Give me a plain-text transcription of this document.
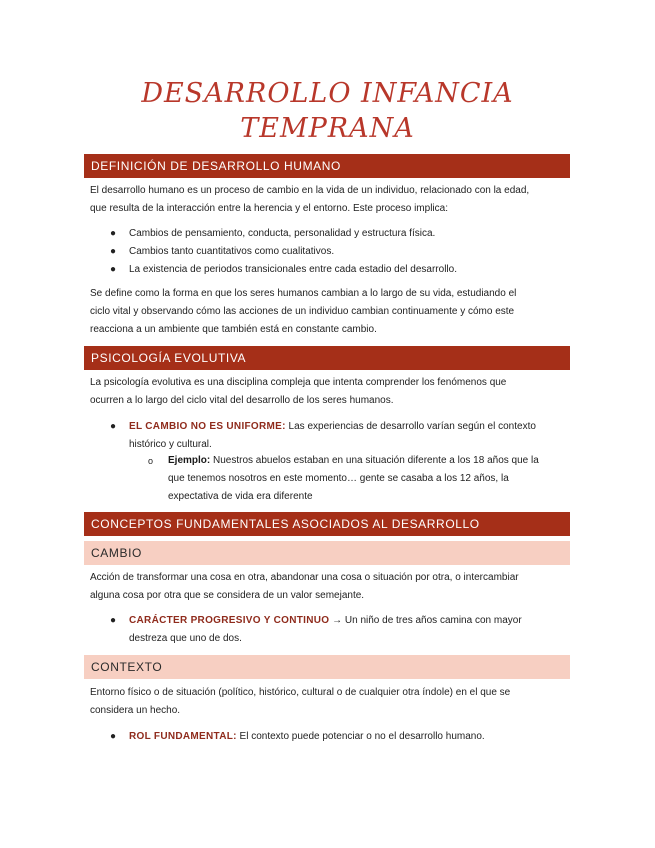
DESARROLLO INFANCIA
TEMPRANA
DEFINICIÓN DE DESARROLLO HUMANO
El desarrollo humano es un proceso de cambio en la vida de un individuo, relacionado con la edad,
que resulta de la interacción entre la herencia y el entorno. Este proceso implica:
● Cambios de pensamiento, conducta, personalidad y estructura física.
● Cambios tanto cuantitativos como cualitativos.
● La existencia de periodos transicionales entre cada estadio del desarrollo.
Se define como la forma en que los seres humanos cambian a lo largo de su vida, estudiando el
ciclo vital y observando cómo las acciones de un individuo cambian continuamente y cómo este
reacciona a un ambiente que también está en constante cambio.
PSICOLOGÍA EVOLUTIVA
La psicología evolutiva es una disciplina compleja que intenta comprender los fenómenos que
ocurren a lo largo del ciclo vital del desarrollo de los seres humanos.
● EL CAMBIO NO ES UNIFORME: Las experiencias de desarrollo varían según el contexto
histórico y cultural.
o Ejemplo: Nuestros abuelos estaban en una situación diferente a los 18 años que la
que tenemos nosotros en este momento… gente se casaba a los 12 años, la
expectativa de vida era diferente
CONCEPTOS FUNDAMENTALES ASOCIADOS AL DESARROLLO
CAMBIO
Acción de transformar una cosa en otra, abandonar una cosa o situación por otra, o intercambiar
alguna cosa por otra que se considera de un valor semejante.
● CARÁCTER PROGRESIVO Y CONTINUO → Un niño de tres años camina con mayor
destreza que uno de dos.
CONTEXTO
Entorno físico o de situación (político, histórico, cultural o de cualquier otra índole) en el que se
considera un hecho.
● ROL FUNDAMENTAL: El contexto puede potenciar o no el desarrollo humano.
